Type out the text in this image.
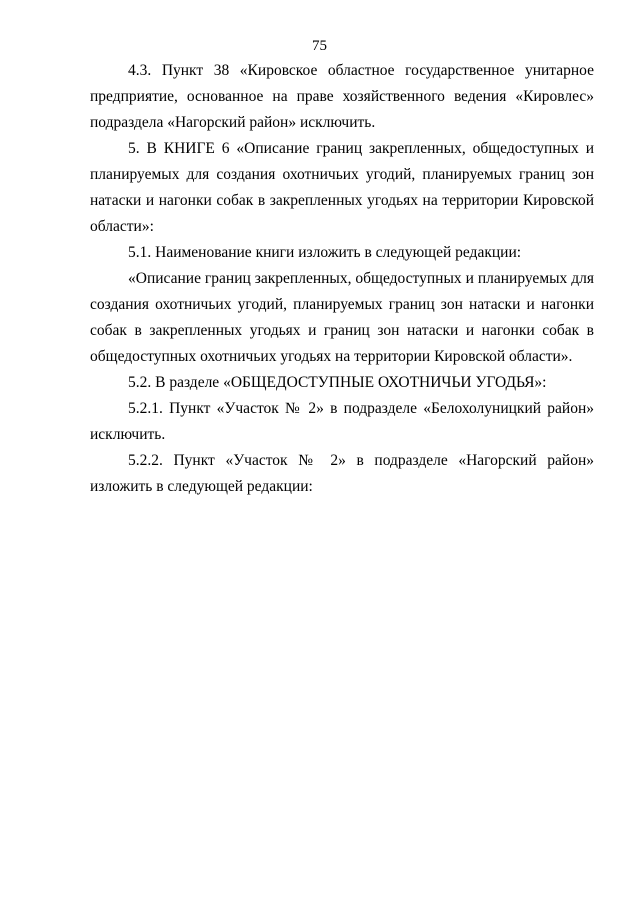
75

4.3. Пункт 38 «Кировское областное государственное унитарное предприятие, основанное на праве хозяйственного ведения «Кировлес» подраздела «Нагорский район» исключить.

5. В КНИГЕ 6 «Описание границ закрепленных, общедоступных и планируемых для создания охотничьих угодий, планируемых границ зон натаски и нагонки собак в закрепленных угодьях на территории Кировской области»:

5.1. Наименование книги изложить в следующей редакции:

«Описание границ закрепленных, общедоступных и планируемых для создания охотничьих угодий, планируемых границ зон натаски и нагонки собак в закрепленных угодьях и границ зон натаски и нагонки собак в общедоступных охотничьих угодьях на территории Кировской области».

5.2. В разделе «ОБЩЕДОСТУПНЫЕ ОХОТНИЧЬИ УГОДЬЯ»:

5.2.1. Пункт «Участок № 2» в подразделе «Белохолуницкий район» исключить.

5.2.2. Пункт «Участок № 2» в подразделе «Нагорский район» изложить в следующей редакции:
